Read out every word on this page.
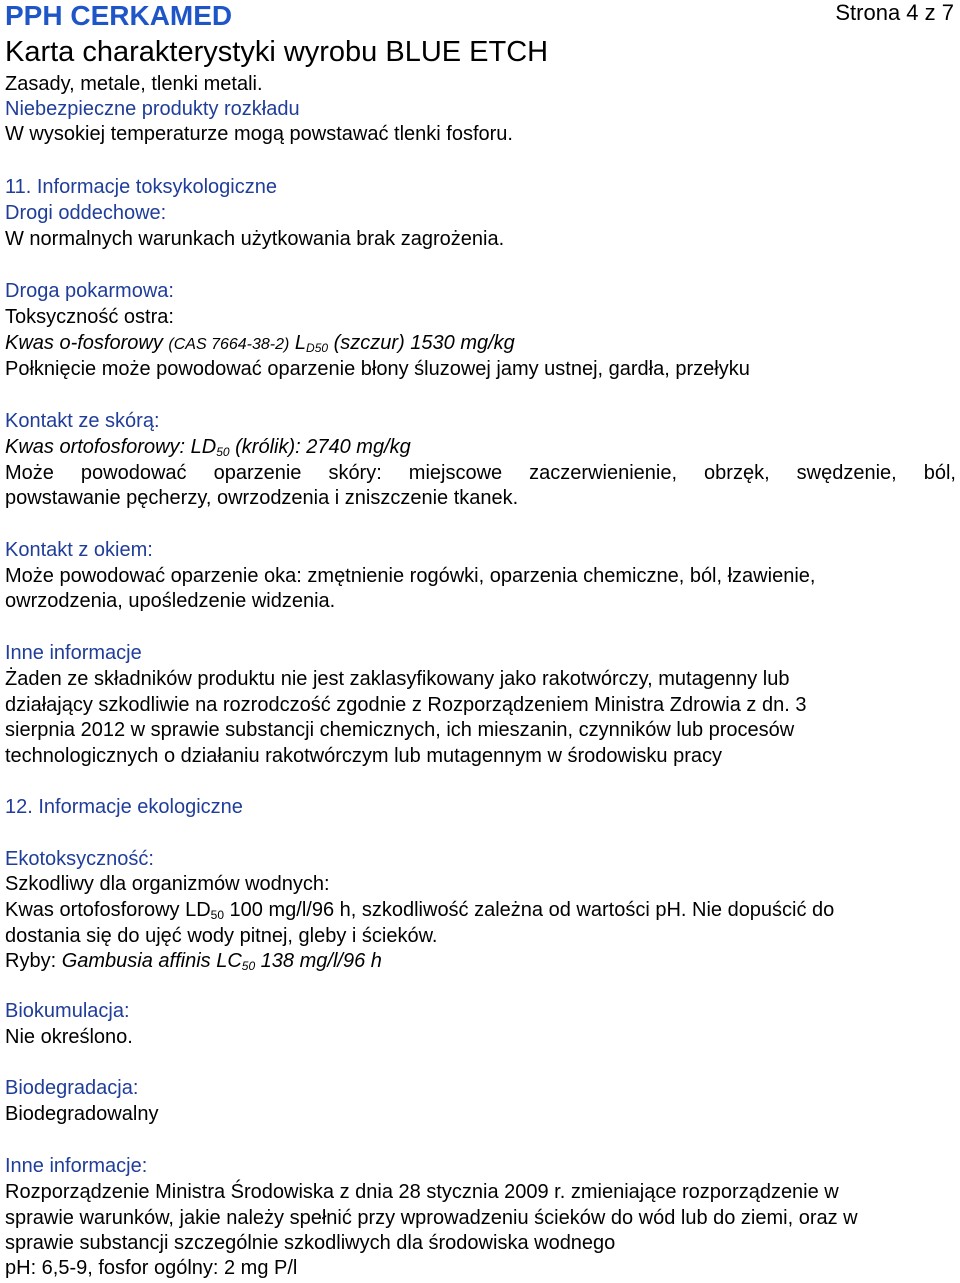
PPH CERKAMED	Strona 4 z 7
Karta charakterystyki wyrobu BLUE ETCH
Zasady, metale, tlenki metali.
Niebezpieczne produkty rozkładu
W wysokiej temperaturze mogą powstawać tlenki fosforu.
11. Informacje toksykologiczne
Drogi oddechowe:
W normalnych warunkach użytkowania brak zagrożenia.
Droga pokarmowa:
Toksyczność ostra:
Kwas o-fosforowy (CAS 7664-38-2) $L_{D50}$ (szczur) 1530 mg/kg
Połknięcie może powodować oparzenie błony śluzowej jamy ustnej, gardła, przełyku
Kontakt ze skórą:
Kwas ortofosforowy: $LD_{50}$ (królik): 2740 mg/kg
Może powodować oparzenie skóry: miejscowe zaczerwienienie, obrzęk, swędzenie, ból,
powstawanie pęcherzy, owrzodzenia i zniszczenie tkanek.
Kontakt z okiem:
Może powodować oparzenie oka: zmętnienie rogówki, oparzenia chemiczne, ból, łzawienie,
owrzodzenia, upośledzenie widzenia.
Inne informacje
Żaden ze składników produktu nie jest zaklasyfikowany jako rakotwórczy, mutagenny lub
działający szkodliwie na rozrodczość zgodnie z Rozporządzeniem Ministra Zdrowia z dn. 3
sierpnia 2012 w sprawie substancji chemicznych, ich mieszanin, czynników lub procesów
technologicznych o działaniu rakotwórczym lub mutagennym w środowisku pracy
12. Informacje ekologiczne
Ekotoksyczność:
Szkodliwy dla organizmów wodnych:
Kwas ortofosforowy $LD_{50}$ 100 mg/l/96 h, szkodliwość zależna od wartości pH. Nie dopuścić do
dostania się do ujęć wody pitnej, gleby i ścieków.
Ryby: Gambusia affinis $LC_{50}$ 138 mg/l/96 h
Biokumulacja:
Nie określono.
Biodegradacja:
Biodegradowalny
Inne informacje:
Rozporządzenie Ministra Środowiska z dnia 28 stycznia 2009 r. zmieniające rozporządzenie w
sprawie warunków, jakie należy spełnić przy wprowadzeniu ścieków do wód lub do ziemi, oraz w
sprawie substancji szczególnie szkodliwych dla środowiska wodnego
pH: 6,5-9, fosfor ogólny: 2 mg P/l
